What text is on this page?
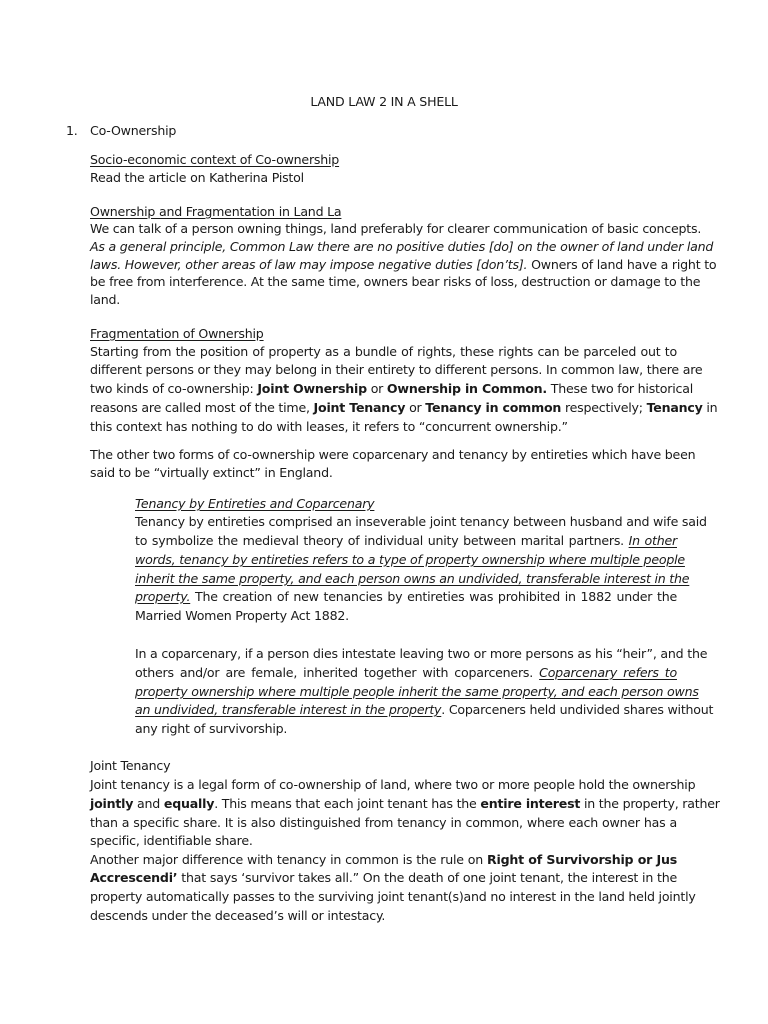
LAND LAW 2 IN A SHELL

1. Co-Ownership

Socio-economic context of Co-ownership

Read the article on Katherina Pistol

Ownership and Fragmentation in Land La

We can talk of a person owning things, land preferably for clearer communication of basic concepts.

As a general principle, Common Law there are no positive duties [do] on the owner of land under land

laws. However, other areas of law may impose negative duties [don’ts]. Owners of land have a right to

be free from interference. At the same time, owners bear risks of loss, destruction or damage to the

land.

Fragmentation of Ownership

Starting from the position of property as a bundle of rights, these rights can be parceled out to

different persons or they may belong in their entirety to different persons. In common law, there are

two kinds of co-ownership: Joint Ownership or Ownership in Common. These two for historical

reasons are called most of the time, Joint Tenancy or Tenancy in common respectively; Tenancy in

this context has nothing to do with leases, it refers to “concurrent ownership.”

The other two forms of co-ownership were coparcenary and tenancy by entireties which have been

said to be “virtually extinct” in England.

Tenancy by Entireties and Coparcenary

Tenancy by entireties comprised an inseverable joint tenancy between husband and wife said

to symbolize the medieval theory of individual unity between marital partners. In other

words, tenancy by entireties refers to a type of property ownership where multiple people

inherit the same property, and each person owns an undivided, transferable interest in the

property. The creation of new tenancies by entireties was prohibited in 1882 under the

Married Women Property Act 1882.

In a coparcenary, if a person dies intestate leaving two or more persons as his “heir”, and the

others and/or are female, inherited together with coparceners. Coparcenary refers to

property ownership where multiple people inherit the same property, and each person owns

an undivided, transferable interest in the property. Coparceners held undivided shares without

any right of survivorship.

Joint Tenancy

Joint tenancy is a legal form of co-ownership of land, where two or more people hold the ownership

jointly and equally. This means that each joint tenant has the entire interest in the property, rather

than a specific share. It is also distinguished from tenancy in common, where each owner has a

specific, identifiable share.

Another major difference with tenancy in common is the rule on Right of Survivorship or Jus

Accrescendi’ that says ‘survivor takes all.” On the death of one joint tenant, the interest in the

property automatically passes to the surviving joint tenant(s)and no interest in the land held jointly

descends under the deceased’s will or intestacy.
